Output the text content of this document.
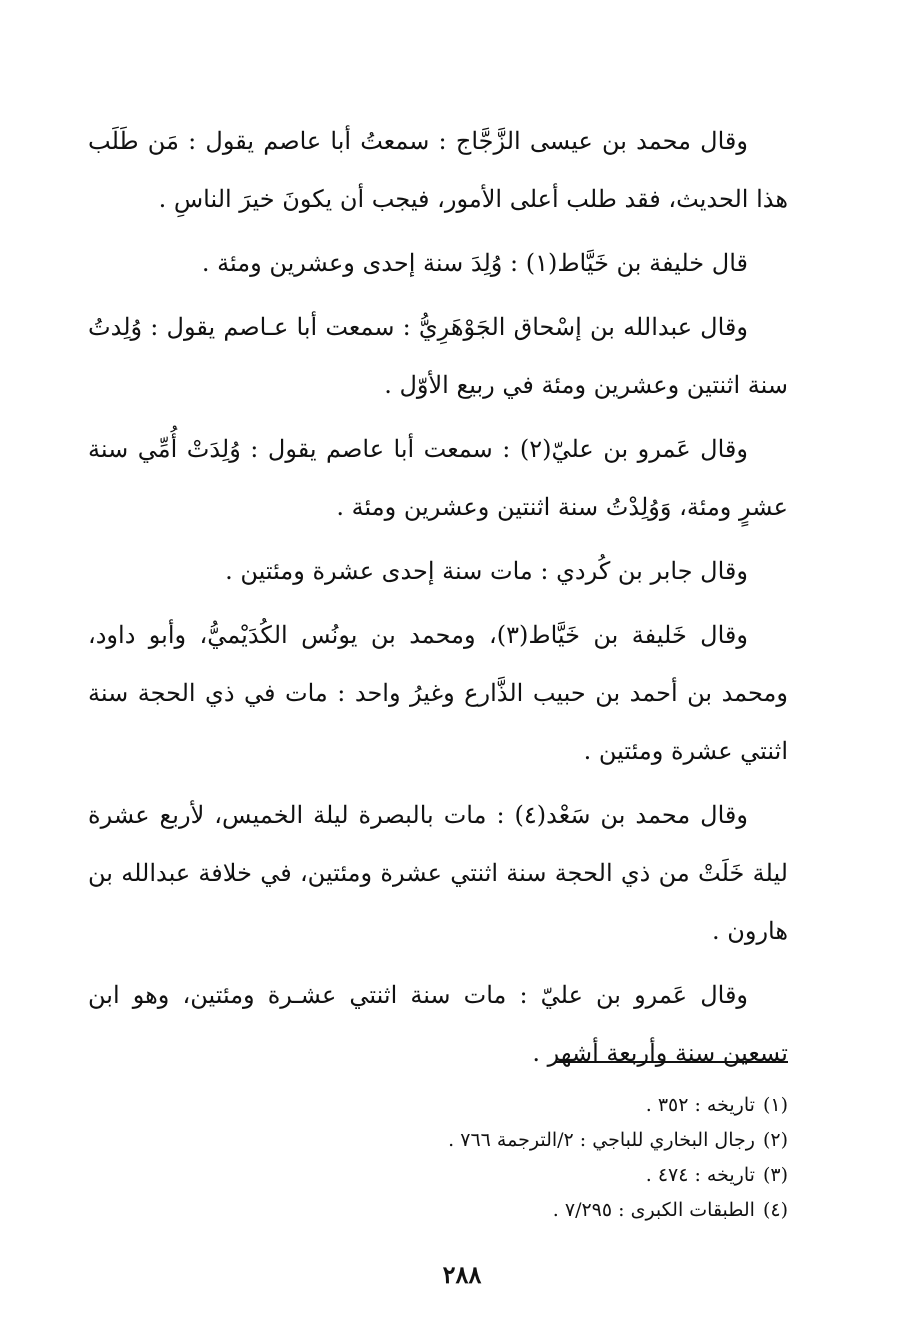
وقال محمد بن عيسى الزَّجَّاج : سمعتُ أبا عاصم يقول : مَن طَلَب هذا الحديث، فقد طلب أعلى الأمور، فيجب أن يكونَ خيرَ الناسِ .

قال خليفة بن خَيَّاط(١) : وُلِدَ سنة إحدى وعشرين ومئة .

وقال عبدالله بن إسْحاق الجَوْهَرِيُّ : سمعت أبا عـاصم يقول : وُلِدتُ سنة اثنتين وعشرين ومئة في ربيع الأوّل .

وقال عَمرو بن عليّ(٢) : سمعت أبا عاصم يقول : وُلِدَتْ أُمِّي سنة عشرٍ ومئة، وَوُلِدْتُ سنة اثنتين وعشرين ومئة .

وقال جابر بن كُردي : مات سنة إحدى عشرة ومئتين .

وقال خَليفة بن خَيَّاط(٣)، ومحمد بن يونُس الكُدَيْميُّ، وأبو داود، ومحمد بن أحمد بن حبيب الذَّارع وغيرُ واحد : مات في ذي الحجة سنة اثنتي عشرة ومئتين .

وقال محمد بن سَعْد(٤) : مات بالبصرة ليلة الخميس، لأربع عشرة ليلة خَلَتْ من ذي الحجة سنة اثنتي عشرة ومئتين، في خلافة عبدالله بن هارون .

وقال عَمرو بن عليّ : مات سنة اثنتي عشـرة ومئتين، وهو ابن تسعين سنة وأربعة أشهر .

(١)تاريخه : ٣٥٢ .

(٢)رجال البخاري للباجي : ٢/الترجمة ٧٦٦ .

(٣)تاريخه : ٤٧٤ .

(٤)الطبقات الكبرى : ٧/٢٩٥ .

٢٨٨
